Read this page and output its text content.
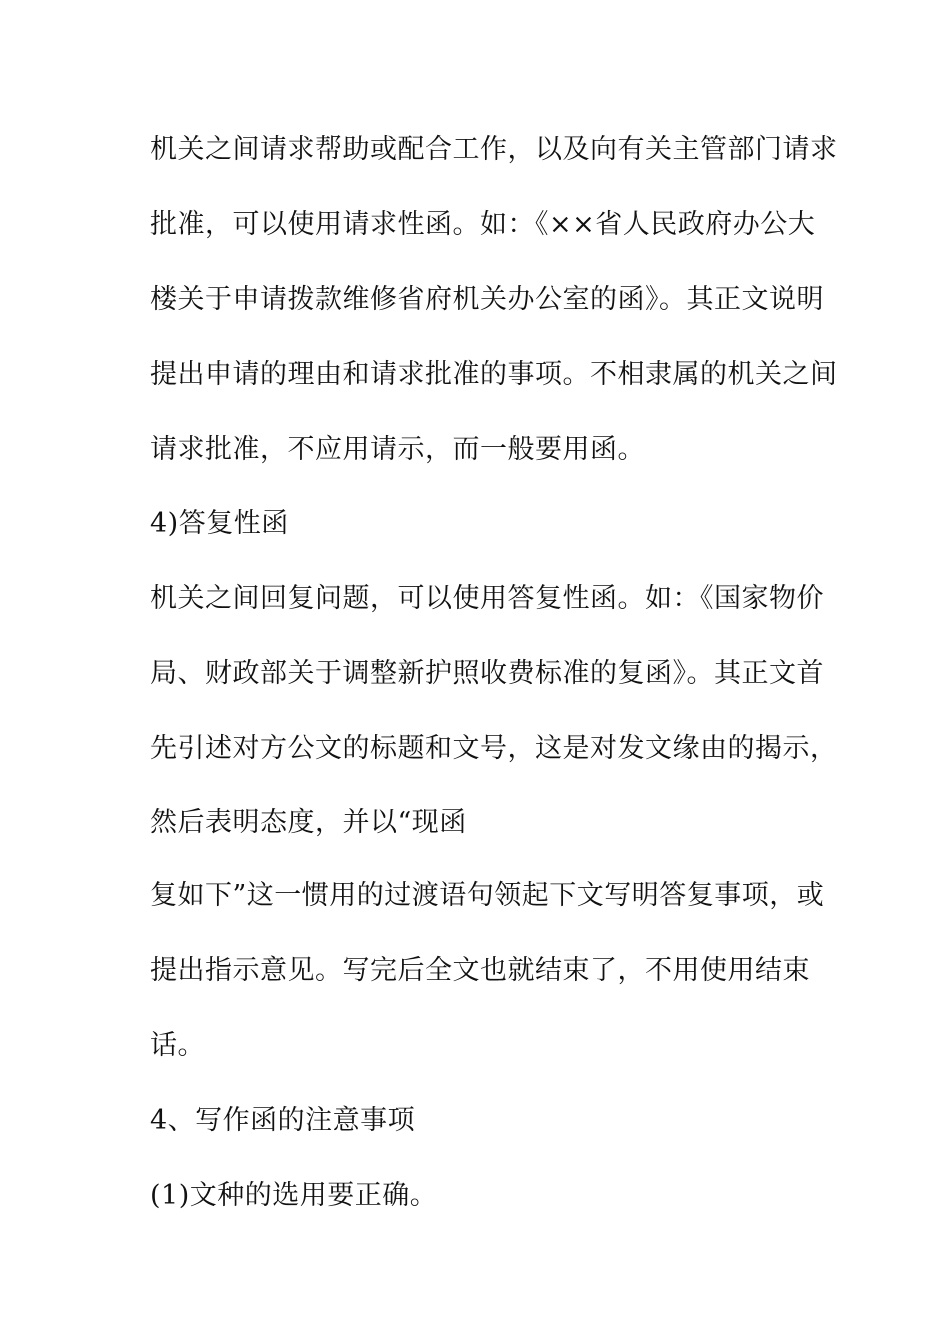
机关之间请求帮助或配合工作，以及向有关主管部门请求
批准，可以使用请求性函。如：《××省人民政府办公大
楼关于申请拨款维修省府机关办公室的函》。其正文说明
提出申请的理由和请求批准的事项。不相隶属的机关之间
请求批准，不应用请示，而一般要用函。
4)答复性函
机关之间回复问题，可以使用答复性函。如：《国家物价
局、财政部关于调整新护照收费标准的复函》。其正文首
先引述对方公文的标题和文号，这是对发文缘由的揭示，
然后表明态度，并以“现函
复如下”这一惯用的过渡语句领起下文写明答复事项，或
提出指示意见。写完后全文也就结束了，不用使用结束
话。
4、写作函的注意事项
(1)文种的选用要正确。
